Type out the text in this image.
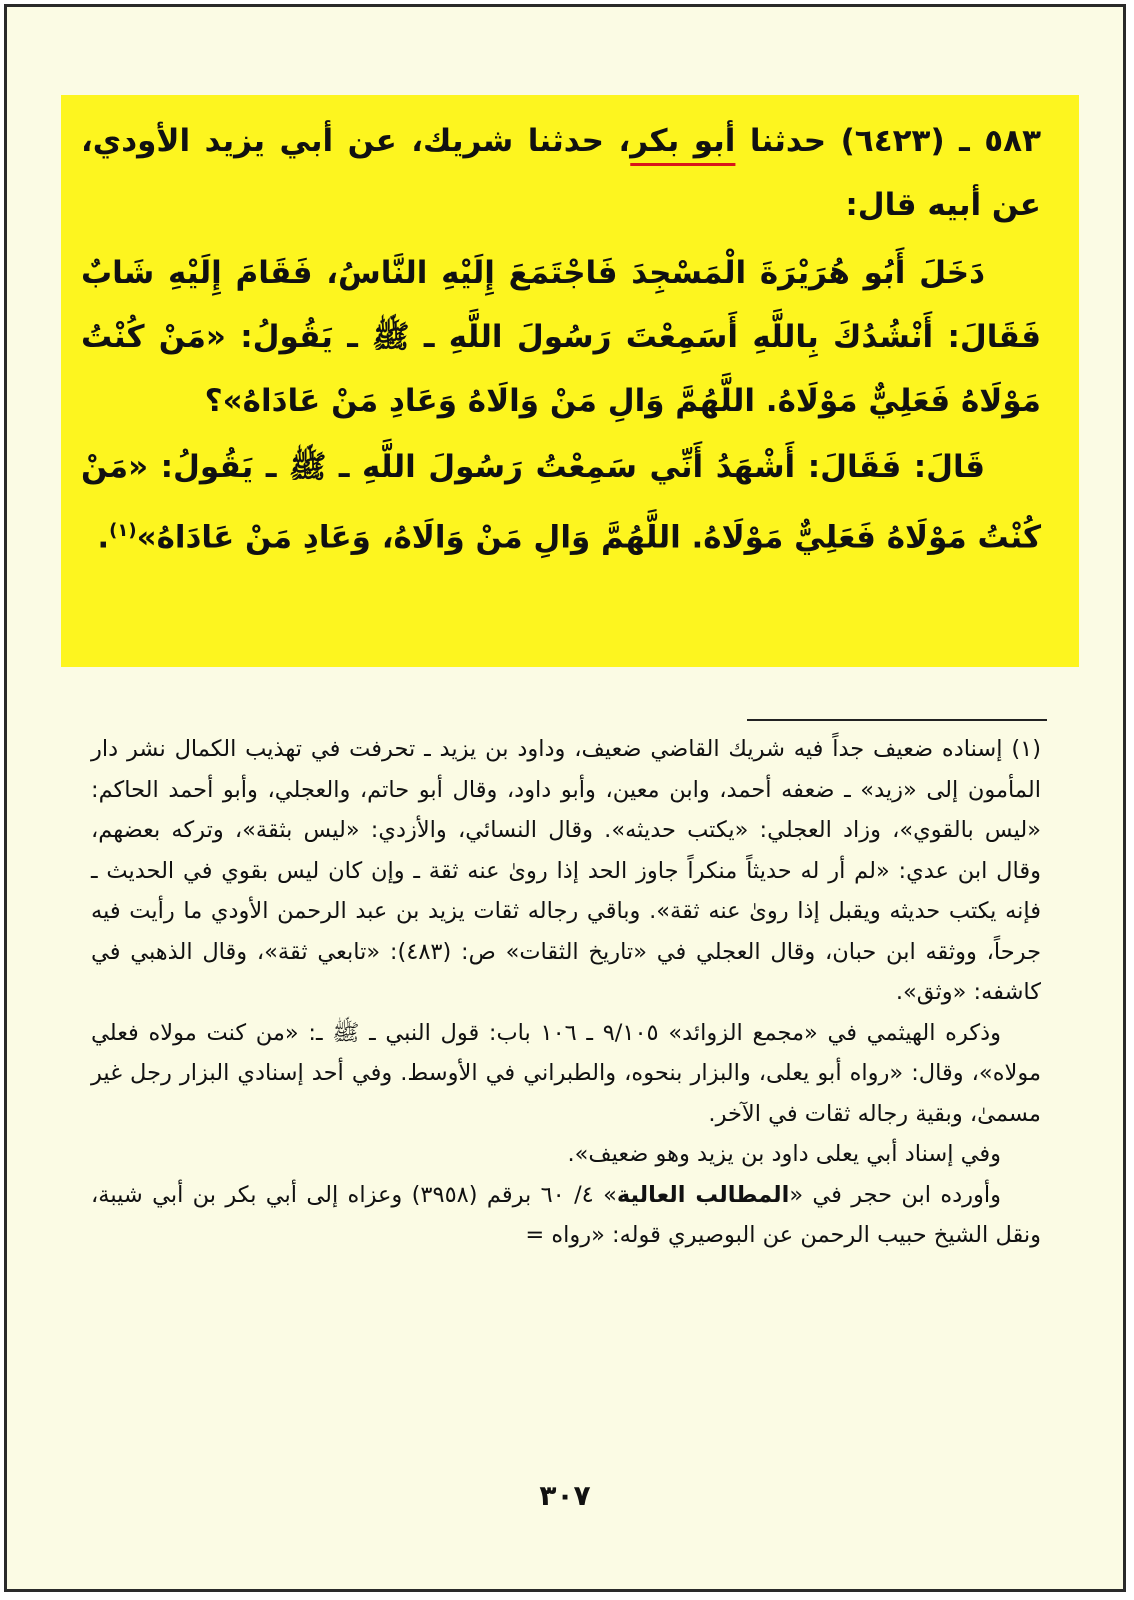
٥٨٣ ـ (٦٤٢٣) حدثنا أبو بكر، حدثنا شريك، عن أبي يزيد الأودي، عن أبيه قال:

دَخَلَ أَبُو هُرَيْرَةَ الْمَسْجِدَ فَاجْتَمَعَ إِلَيْهِ النَّاسُ، فَقَامَ إِلَيْهِ شَابٌ فَقَالَ: أَنْشُدُكَ بِاللَّهِ أَسَمِعْتَ رَسُولَ اللَّهِ ـ ﷺ ـ يَقُولُ: «مَنْ كُنْتُ مَوْلَاهُ فَعَلِيٌّ مَوْلَاهُ. اللَّهُمَّ وَالِ مَنْ وَالَاهُ وَعَادِ مَنْ عَادَاهُ»؟

قَالَ: فَقَالَ: أَشْهَدُ أَنِّي سَمِعْتُ رَسُولَ اللَّهِ ـ ﷺ ـ يَقُولُ: «مَنْ كُنْتُ مَوْلَاهُ فَعَلِيٌّ مَوْلَاهُ. اللَّهُمَّ وَالِ مَنْ وَالَاهُ، وَعَادِ مَنْ عَادَاهُ»$^{(١)}$.

(١) إسناده ضعيف جداً فيه شريك القاضي ضعيف، وداود بن يزيد ـ تحرفت في تهذيب الكمال نشر دار المأمون إلى «زيد» ـ ضعفه أحمد، وابن معين، وأبو داود، وقال أبو حاتم، والعجلي، وأبو أحمد الحاكم: «ليس بالقوي»، وزاد العجلي: «يكتب حديثه». وقال النسائي، والأزدي: «ليس بثقة»، وتركه بعضهم، وقال ابن عدي: «لم أر له حديثاً منكراً جاوز الحد إذا روىٰ عنه ثقة ـ وإن كان ليس بقوي في الحديث ـ فإنه يكتب حديثه ويقبل إذا روىٰ عنه ثقة». وباقي رجاله ثقات يزيد بن عبد الرحمن الأودي ما رأيت فيه جرحاً، ووثقه ابن حبان، وقال العجلي في «تاريخ الثقات» ص: (٤٨٣): «تابعي ثقة»، وقال الذهبي في كاشفه: «وثق».

وذكره الهيثمي في «مجمع الزوائد» ٩/١٠٥ ـ ١٠٦ باب: قول النبي ـ ﷺ ـ: «من كنت مولاه فعلي مولاه»، وقال: «رواه أبو يعلى، والبزار بنحوه، والطبراني في الأوسط. وفي أحد إسنادي البزار رجل غير مسمىٰ، وبقية رجاله ثقات في الآخر.

وفي إسناد أبي يعلى داود بن يزيد وهو ضعيف».

وأورده ابن حجر في «المطالب العالية» ٤/ ٦٠ برقم (٣٩٥٨) وعزاه إلى أبي بكر بن أبي شيبة، ونقل الشيخ حبيب الرحمن عن البوصيري قوله: «رواه =

٣٠٧
